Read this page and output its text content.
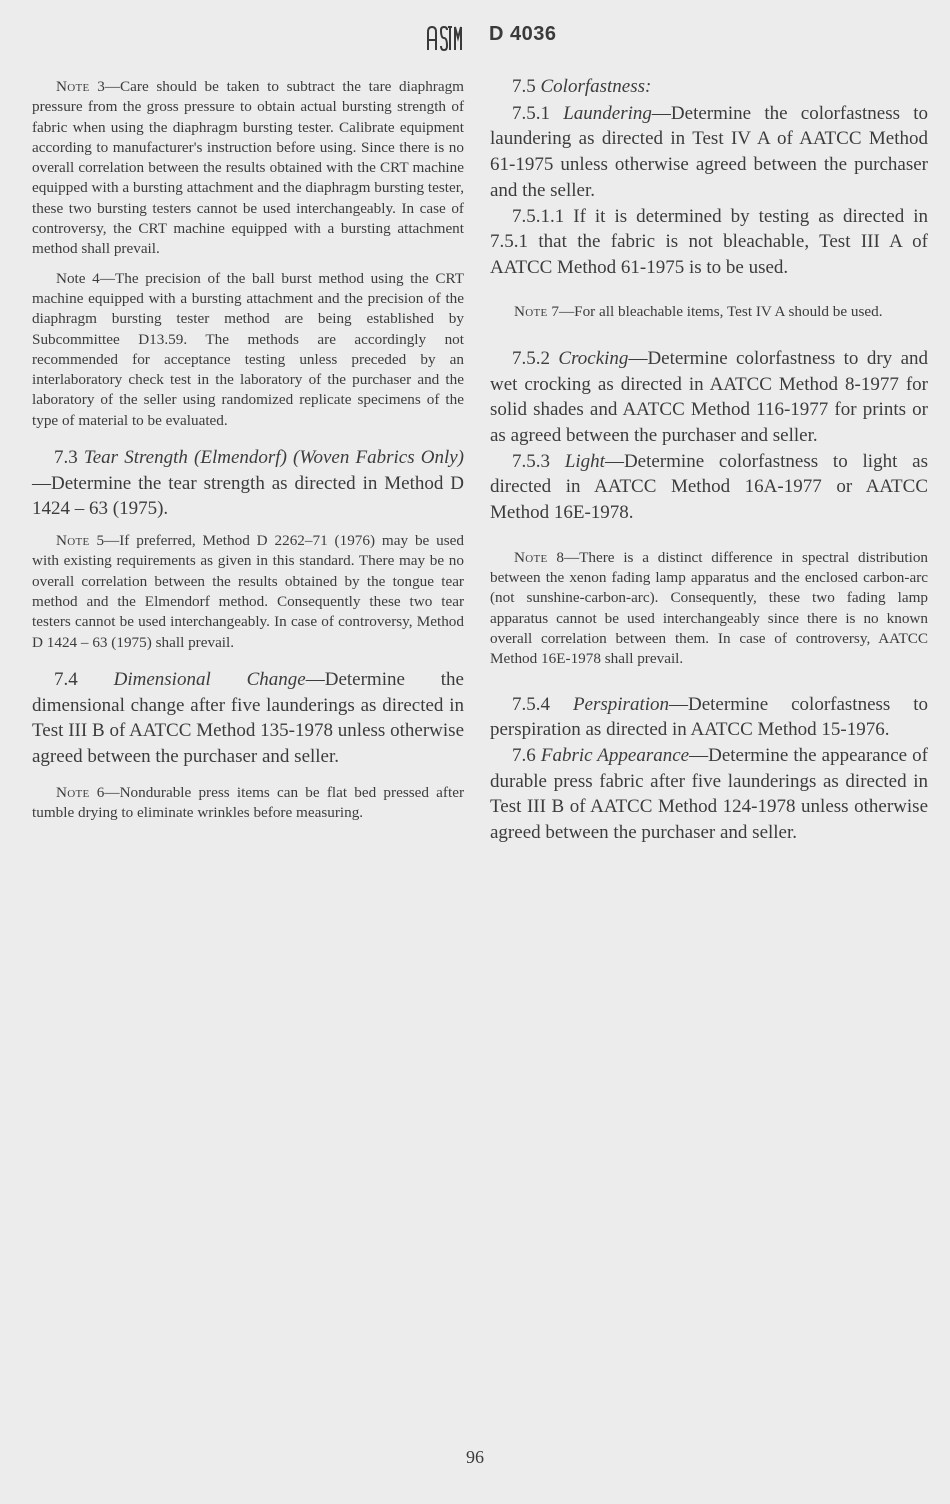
D 4036

Note 3—Care should be taken to subtract the tare diaphragm pressure from the gross pressure to obtain actual bursting strength of fabric when using the diaphragm bursting tester. Calibrate equipment according to manufacturer's instruction before using. Since there is no overall correlation between the results obtained with the CRT machine equipped with a bursting attachment and the diaphragm bursting tester, these two bursting testers cannot be used interchangeably. In case of controversy, the CRT machine equipped with a bursting attachment method shall prevail.

Note 4—The precision of the ball burst method using the CRT machine equipped with a bursting attachment and the precision of the diaphragm bursting tester method are being established by Subcommittee D13.59. The methods are accordingly not recommended for acceptance testing unless preceded by an interlaboratory check test in the laboratory of the purchaser and the laboratory of the seller using randomized replicate specimens of the type of material to be evaluated.

7.3 Tear Strength (Elmendorf) (Woven Fabrics Only)—Determine the tear strength as directed in Method D 1424 – 63 (1975).

Note 5—If preferred, Method D 2262–71 (1976) may be used with existing requirements as given in this standard. There may be no overall correlation between the results obtained by the tongue tear method and the Elmendorf method. Consequently these two tear testers cannot be used interchangeably. In case of controversy, Method D 1424 – 63 (1975) shall prevail.

7.4 Dimensional Change—Determine the dimensional change after five launderings as directed in Test III B of AATCC Method 135-1978 unless otherwise agreed between the purchaser and seller.

Note 6—Nondurable press items can be flat bed pressed after tumble drying to eliminate wrinkles before measuring.

7.5 Colorfastness:

7.5.1 Laundering—Determine the colorfastness to laundering as directed in Test IV A of AATCC Method 61-1975 unless otherwise agreed between the purchaser and the seller.

7.5.1.1 If it is determined by testing as directed in 7.5.1 that the fabric is not bleachable, Test III A of AATCC Method 61-1975 is to be used.

Note 7—For all bleachable items, Test IV A should be used.

7.5.2 Crocking—Determine colorfastness to dry and wet crocking as directed in AATCC Method 8-1977 for solid shades and AATCC Method 116-1977 for prints or as agreed between the purchaser and seller.

7.5.3 Light—Determine colorfastness to light as directed in AATCC Method 16A-1977 or AATCC Method 16E-1978.

Note 8—There is a distinct difference in spectral distribution between the xenon fading lamp apparatus and the enclosed carbon-arc (not sunshine-carbon-arc). Consequently, these two fading lamp apparatus cannot be used interchangeably since there is no known overall correlation between them. In case of controversy, AATCC Method 16E-1978 shall prevail.

7.5.4 Perspiration—Determine colorfastness to perspiration as directed in AATCC Method 15-1976.

7.6 Fabric Appearance—Determine the appearance of durable press fabric after five launderings as directed in Test III B of AATCC Method 124-1978 unless otherwise agreed between the purchaser and seller.

96
